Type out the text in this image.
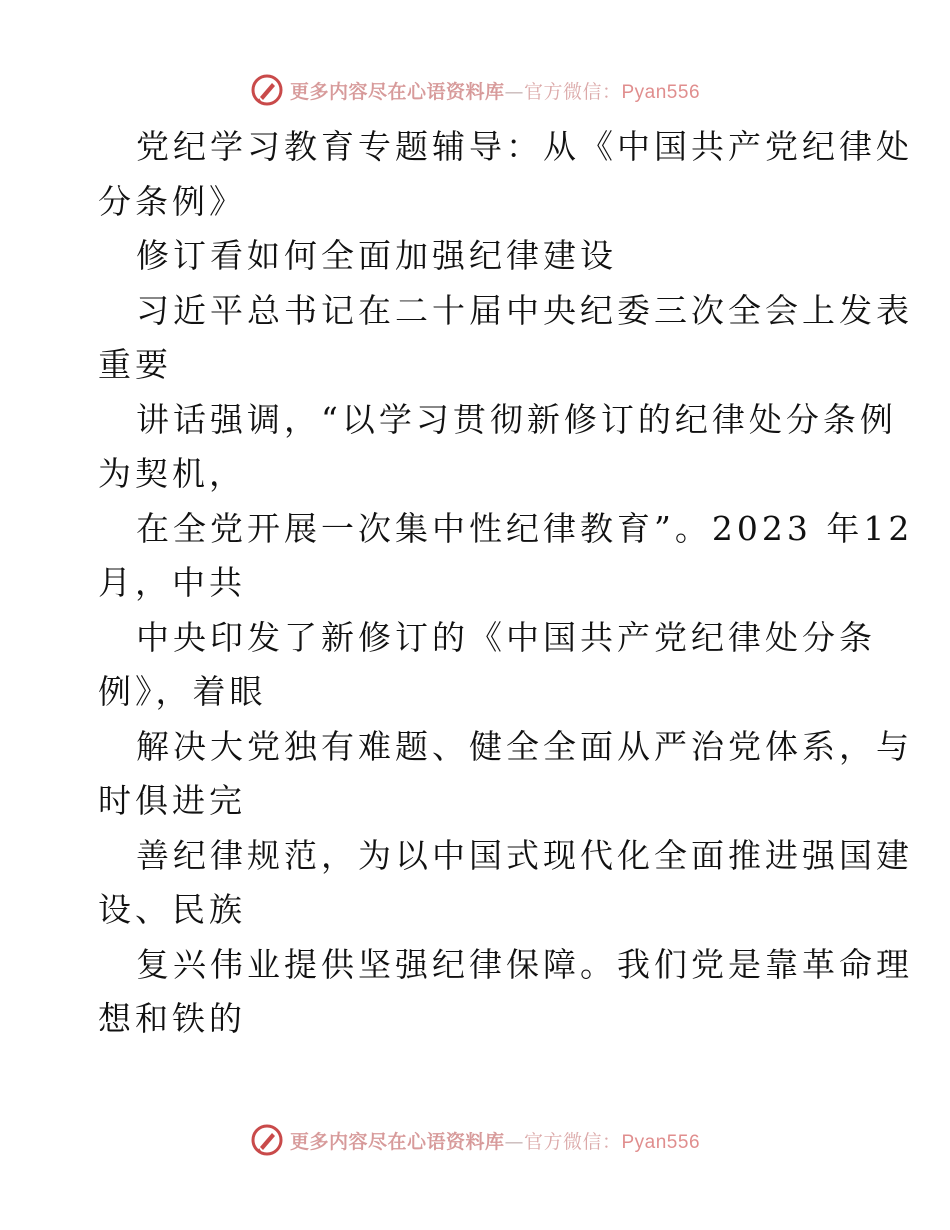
更多内容尽在心语资料库—官方微信：Pyan556
党纪学习教育专题辅导：从《中国共产党纪律处
分条例》
修订看如何全面加强纪律建设
习近平总书记在二十届中央纪委三次全会上发表
重要
讲话强调，“以学习贯彻新修订的纪律处分条例
为契机，
在全党开展一次集中性纪律教育”。2023 年12
月，中共
中央印发了新修订的《中国共产党纪律处分条
例》，着眼
解决大党独有难题、健全全面从严治党体系，与
时俱进完
善纪律规范，为以中国式现代化全面推进强国建
设、民族
复兴伟业提供坚强纪律保障。我们党是靠革命理
想和铁的
更多内容尽在心语资料库—官方微信：Pyan556
